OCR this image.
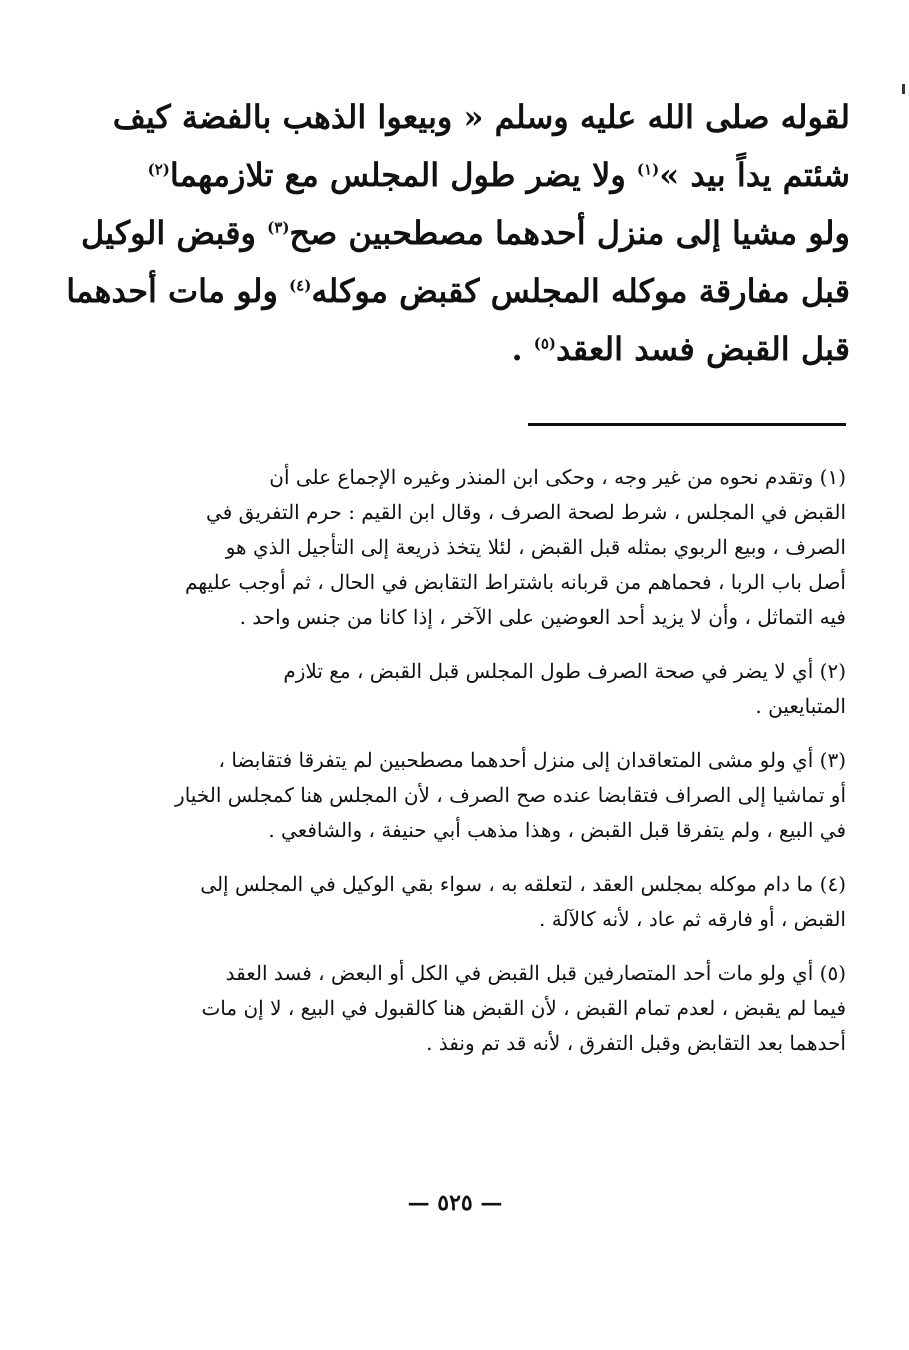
لقوله صلى الله عليه وسلم « وبيعوا الذهب بالفضة كيف
شئتم يداً بيد »$^{(١)}$ ولا يضر طول المجلس مع تلازمهما$^{(٢)}$
ولو مشيا إلى منزل أحدهما مصطحبين صح$^{(٣)}$ وقبض الوكيل
قبل مفارقة موكله المجلس كقبض موكله$^{(٤)}$ ولو مات أحدهما
قبل القبض فسد العقد$^{(٥)}$ .
(١) وتقدم نحوه من غير وجه ، وحكى ابن المنذر وغيره الإجماع على أن
القبض في المجلس ، شرط لصحة الصرف ، وقال ابن القيم : حرم التفريق في
الصرف ، وبيع الربوي بمثله قبل القبض ، لئلا يتخذ ذريعة إلى التأجيل الذي هو
أصل باب الربا ، فحماهم من قربانه باشتراط التقابض في الحال ، ثم أوجب عليهم
فيه التماثل ، وأن لا يزيد أحد العوضين على الآخر ، إذا كانا من جنس واحد .
(٢) أي لا يضر في صحة الصرف طول المجلس قبل القبض ، مع تلازم
المتبايعين .
(٣) أي ولو مشى المتعاقدان إلى منزل أحدهما مصطحبين لم يتفرقا فتقابضا ،
أو تماشيا إلى الصراف فتقابضا عنده صح الصرف ، لأن المجلس هنا كمجلس الخيار
في البيع ، ولم يتفرقا قبل القبض ، وهذا مذهب أبي حنيفة ، والشافعي .
(٤) ما دام موكله بمجلس العقد ، لتعلقه به ، سواء بقي الوكيل في المجلس إلى
القبض ، أو فارقه ثم عاد ، لأنه كالآلة .
(٥) أي ولو مات أحد المتصارفين قبل القبض في الكل أو البعض ، فسد العقد
فيما لم يقبض ، لعدم تمام القبض ، لأن القبض هنا كالقبول في البيع ، لا إن مات
أحدهما بعد التقابض وقبل التفرق ، لأنه قد تم ونفذ .
— ٥٢٥ —
